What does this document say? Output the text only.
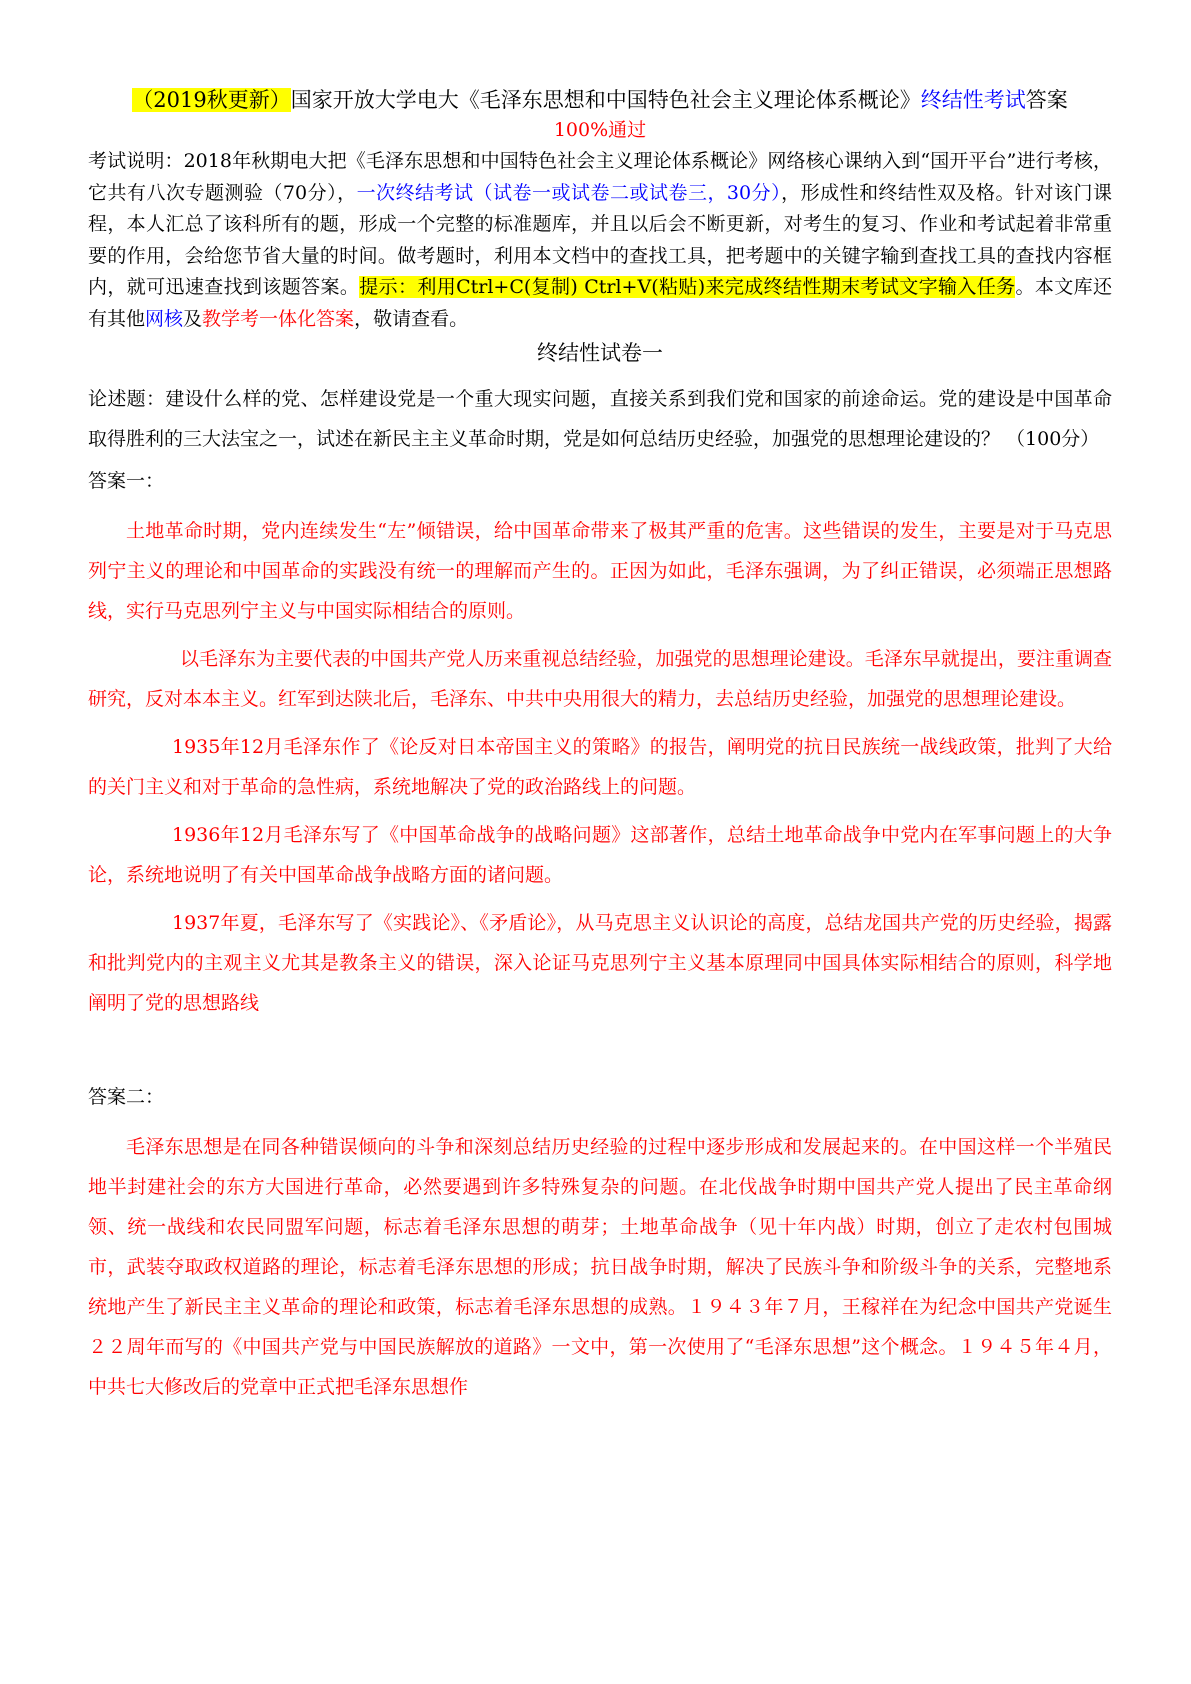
（2019秋更新）国家开放大学电大《毛泽东思想和中国特色社会主义理论体系概论》终结性考试答案

100%通过

考试说明：2018年秋期电大把《毛泽东思想和中国特色社会主义理论体系概论》网络核心课纳入到“国开平台”进行考核，它共有八次专题测验（70分），一次终结考试（试卷一或试卷二或试卷三，30分），形成性和终结性双及格。针对该门课程，本人汇总了该科所有的题，形成一个完整的标准题库，并且以后会不断更新，对考生的复习、作业和考试起着非常重要的作用，会给您节省大量的时间。做考题时，利用本文档中的查找工具，把考题中的关键字输到查找工具的查找内容框内，就可迅速查找到该题答案。提示：利用Ctrl+C(复制) Ctrl+V(粘贴)来完成终结性期末考试文字输入任务。本文库还有其他网核及教学考一体化答案，敬请查看。

终结性试卷一

论述题：建设什么样的党、怎样建设党是一个重大现实问题，直接关系到我们党和国家的前途命运。党的建设是中国革命取得胜利的三大法宝之一，试述在新民主主义革命时期，党是如何总结历史经验，加强党的思想理论建设的？ （100分）

答案一：

土地革命时期，党内连续发生“左”倾错误，给中国革命带来了极其严重的危害。这些错误的发生，主要是对于马克思列宁主义的理论和中国革命的实践没有统一的理解而产生的。正因为如此，毛泽东强调，为了纠正错误，必须端正思想路线，实行马克思列宁主义与中国实际相结合的原则。

以毛泽东为主要代表的中国共产党人历来重视总结经验，加强党的思想理论建设。毛泽东早就提出，要注重调查研究，反对本本主义。红军到达陕北后，毛泽东、中共中央用很大的精力，去总结历史经验，加强党的思想理论建设。

1935年12月毛泽东作了《论反对日本帝国主义的策略》的报告，阐明党的抗日民族统一战线政策，批判了大给的关门主义和对于革命的急性病，系统地解决了党的政治路线上的问题。

1936年12月毛泽东写了《中国革命战争的战略问题》这部著作，总结土地革命战争中党内在军事问题上的大争论，系统地说明了有关中国革命战争战略方面的诸问题。

1937年夏，毛泽东写了《实践论》、《矛盾论》，从马克思主义认识论的高度，总结龙国共产党的历史经验，揭露和批判党内的主观主义尤其是教条主义的错误，深入论证马克思列宁主义基本原理同中国具体实际相结合的原则，科学地阐明了党的思想路线

答案二：

毛泽东思想是在同各种错误倾向的斗争和深刻总结历史经验的过程中逐步形成和发展起来的。在中国这样一个半殖民地半封建社会的东方大国进行革命，必然要遇到许多特殊复杂的问题。在北伐战争时期中国共产党人提出了民主革命纲领、统一战线和农民同盟军问题，标志着毛泽东思想的萌芽；土地革命战争（见十年内战）时期，创立了走农村包围城市，武装夺取政权道路的理论，标志着毛泽东思想的形成；抗日战争时期，解决了民族斗争和阶级斗争的关系，完整地系统地产生了新民主主义革命的理论和政策，标志着毛泽东思想的成熟。１９４３年７月，王稼祥在为纪念中国共产党诞生２２周年而写的《中国共产党与中国民族解放的道路》一文中，第一次使用了“毛泽东思想”这个概念。１９４５年４月，中共七大修改后的党章中正式把毛泽东思想作
